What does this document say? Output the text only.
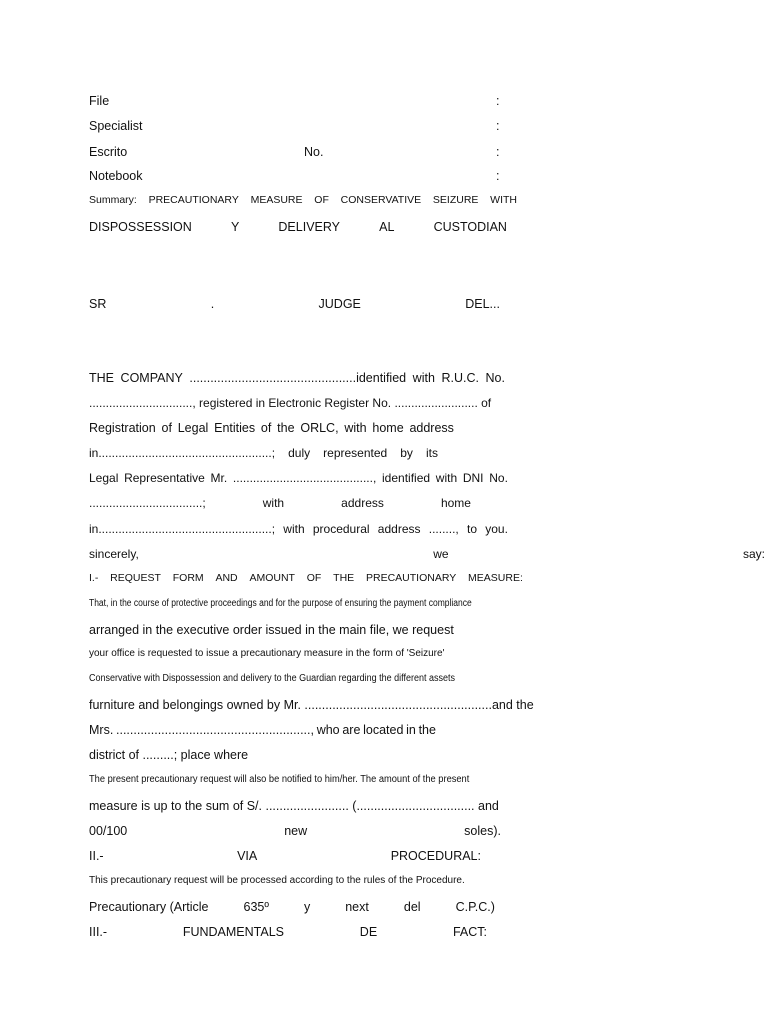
File	:
Specialist	:
Escrito	No.	:
Notebook	:
Summary: PRECAUTIONARY MEASURE OF CONSERVATIVE SEIZURE WITH
DISPOSSESSION	Y	DELIVERY	AL	CUSTODIAN
SR	.	JUDGE	DEL...
THE COMPANY ................................................identified with R.U.C. No.
..............................., registered in Electronic Register No. ......................... of
Registration of Legal Entities of the ORLC, with home address
in....................................................; duly represented by its
Legal Representative Mr. .........................................., identified with DNI No.
..................................;	with	address	home
in....................................................; with procedural address ........, to you.
sincerely,	we	say:
I.- REQUEST FORM AND AMOUNT OF THE PRECAUTIONARY MEASURE:
That, in the course of protective proceedings and for the purpose of ensuring the payment compliance
arranged in the executive order issued in the main file, we request
your office is requested to issue a precautionary measure in the form of 'Seizure'
Conservative with Dispossession and delivery to the Guardian regarding the different assets
furniture and belongings owned by Mr. ......................................................and the
Mrs. ........................................................, who are located in the
district of .........; place where
The present precautionary request will also be notified to him/her. The amount of the present
measure is up to the sum of S/. ........................ (.................................. and
00/100	new	soles).
II.-	VIA	PROCEDURAL:
This precautionary request will be processed according to the rules of the Procedure.
Precautionary (Article	635º	y	next	del	C.P.C.)
III.-	FUNDAMENTALS	DE	FACT:
